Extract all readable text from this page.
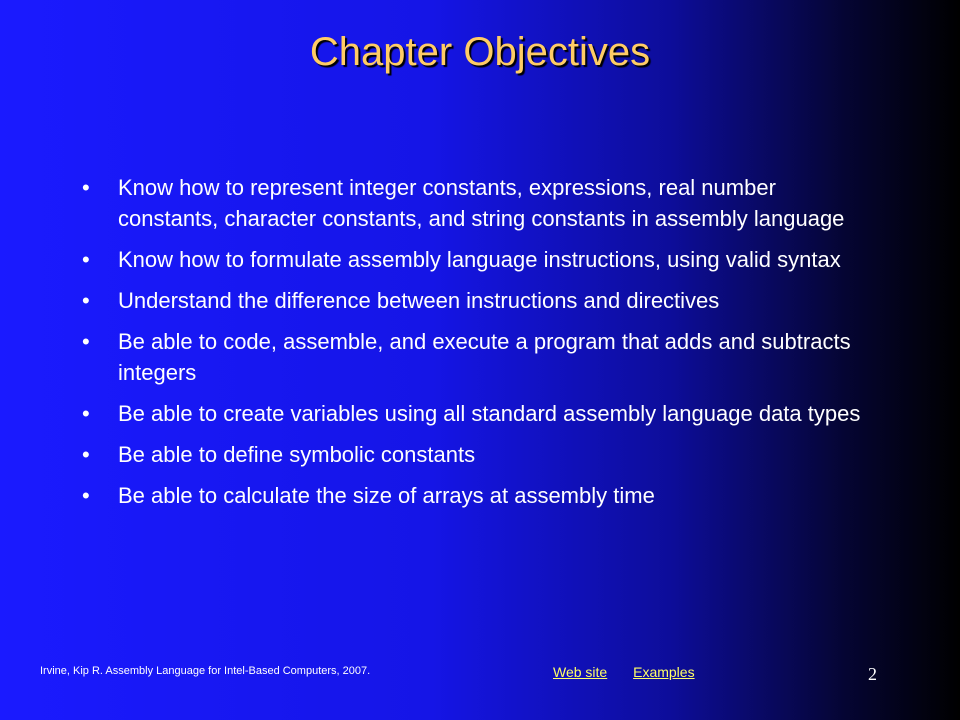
Chapter Objectives
• Know how to represent integer constants, expressions, real number constants, character constants, and string constants in assembly language
• Know how to formulate assembly language instructions, using valid syntax
• Understand the difference between instructions and directives
• Be able to code, assemble, and execute a program that adds and subtracts integers
• Be able to create variables using all standard assembly language data types
• Be able to define symbolic constants
• Be able to calculate the size of arrays at assembly time
Irvine, Kip R. Assembly Language for Intel-Based Computers, 2007.	Web site Examples	2
